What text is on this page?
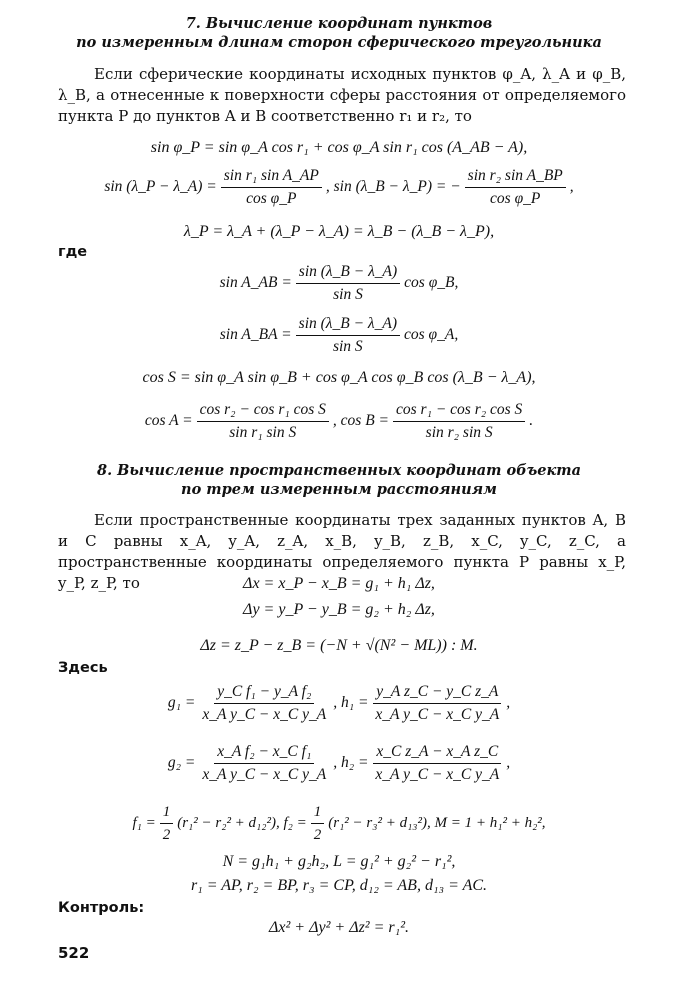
7. Вычисление координат пунктов
по измеренным длинам сторон сферического треугольника
Если сферические координаты исходных пунктов φ_A, λ_A и φ_B, λ_B, а отнесенные к поверхности сферы расстояния от определяемого пункта P до пунктов A и B соответственно r₁ и r₂, то
sin φ_P = sin φ_A cos r₁ + cos φ_A sin r₁ cos (A_AB − A),
sin (λ_P − λ_A) = $\frac{\text{sin r₁ sin A\_AP}}{\text{cos φ\_P}}$ , sin (λ_B − λ_P) = − $\frac{\text{sin r₂ sin A\_BP}}{\text{cos φ\_P}}$ ,
λ_P = λ_A + (λ_P − λ_A) = λ_B − (λ_B − λ_P),
где
sin A_AB = $\frac{\sin (\lambda\_B - \lambda\_A)}{\text{sin S}}$ cos φ_B,
sin A_BA = $\frac{\sin (\lambda\_B - \lambda\_A)}{\text{sin S}}$ cos φ_A,
cos S = sin φ_A sin φ_B + cos φ_A cos φ_B cos (λ_B − λ_A),
$\cos A = \frac{\text{cos r₂ − cos r₁ cos S}}{\text{sin r₁ sin S}}$ , $\cos B = \frac{\text{cos r₁ − cos r₂ cos S}}{\text{sin r₂ sin S}}$ .
8. Вычисление пространственных координат объекта
по трем измеренным расстояниям
Если пространственные координаты трех заданных пунктов A, B и C равны x_A, y_A, z_A, x_B, y_B, z_B, x_C, y_C, z_C, а пространственные координаты определяемого пункта P равны x_P, y_P, z_P, то	Δx = x_P − x_B = g₁ + h₁ Δz,
Δy = y_P − y_B = g₂ + h₂ Δz,
Δz = z_P − z_B = (−N + √(N² − ML)) : M.
Здесь
$g_1 = \frac{\text{y\_C f₁ − y\_A f₂}}{\text{x\_A y\_C − x\_C y\_A}}$ , $h_1 = \frac{\text{y\_A z\_C − y\_C z\_A}}{\text{x\_A y\_C − x\_C y\_A}}$ ,
$g_2 = \frac{\text{x\_A f₂ − x\_C f₁}}{\text{x\_A y\_C − x\_C y\_A}}$ , $h_2 = \frac{\text{x\_C z\_A − x\_A z\_C}}{\text{x\_A y\_C − x\_C y\_A}}$ ,
$f_1 = \frac{1}{2} (r_1^2 - r_2^2 + d_{12}^2)$, $f_2 = \frac{1}{2} (r_1^2 - r_3^2 + d_{13}^2)$, M = 1 + h₁² + h₂²,
N = g₁h₁ + g₂h₂, L = g₁² + g₂² − r₁²,
r₁ = AP, r₂ = BP, r₃ = CP, d₁₂ = AB, d₁₃ = AC.
Контроль:
Δx² + Δy² + Δz² = r₁².
522
